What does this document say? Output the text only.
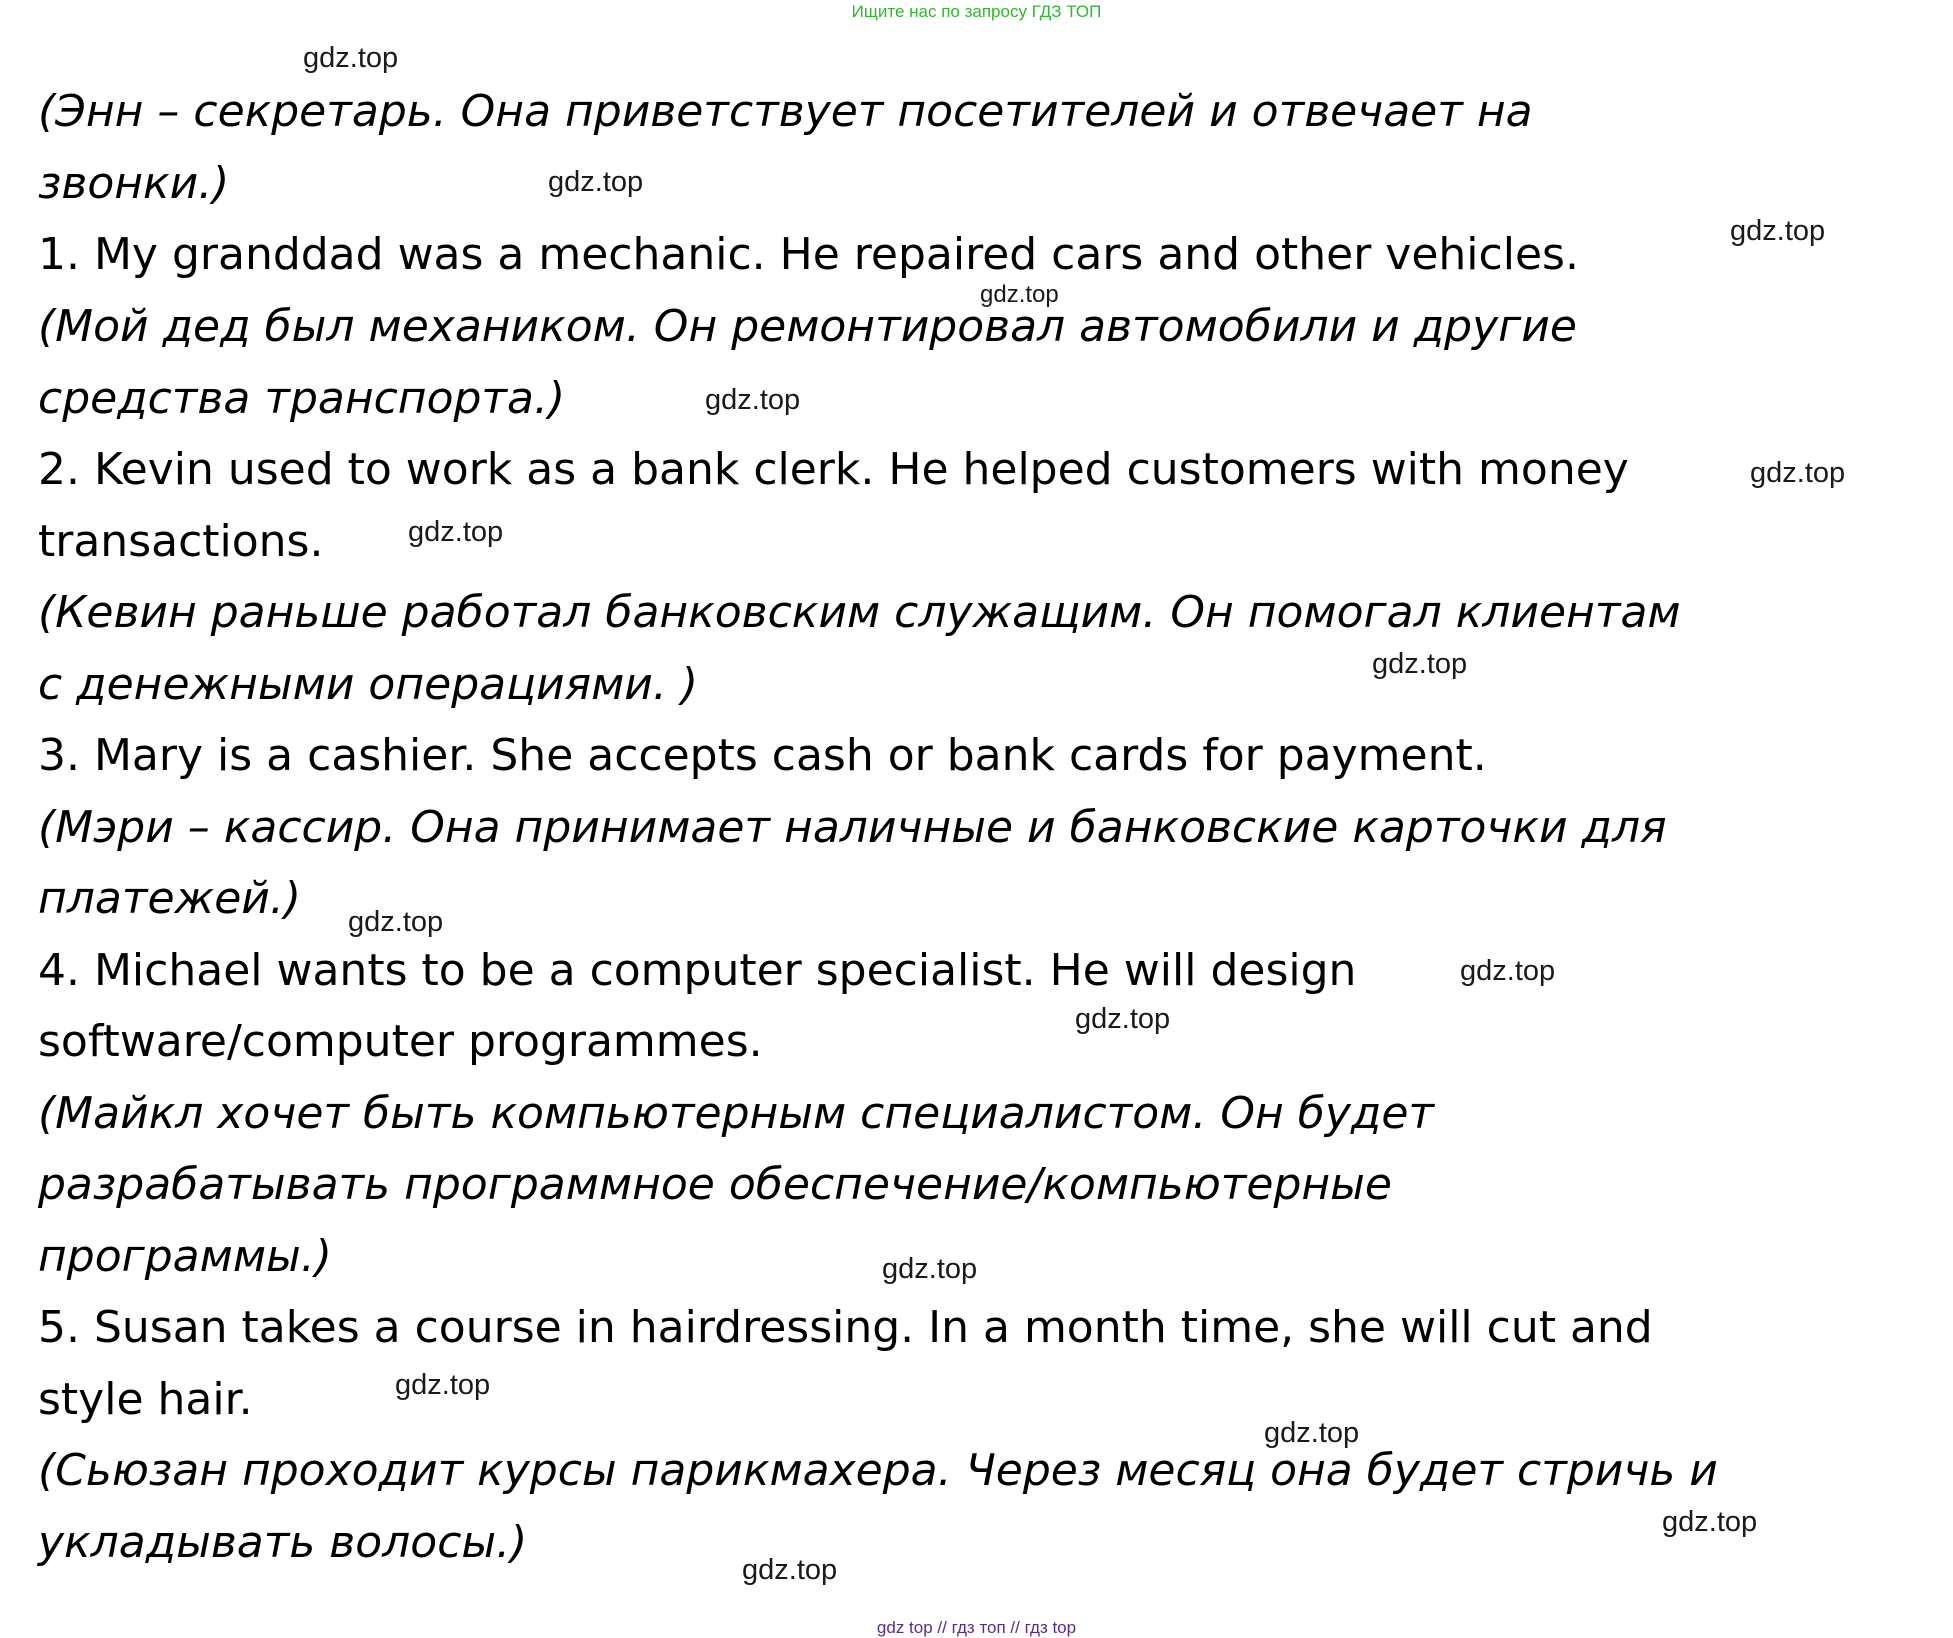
Ищите нас по запросу ГДЗ ТОП
gdz.top
gdz.top
gdz.top
gdz.top
gdz.top
gdz.top
gdz.top
gdz.top
gdz.top
gdz.top
gdz.top
gdz.top
gdz.top
gdz.top
gdz.top
gdz.top
(Энн – секретарь. Она приветствует посетителей и отвечает на
звонки.)
1. My granddad was a mechanic. He repaired cars and other vehicles.
(Мой дед был механиком. Он ремонтировал автомобили и другие
средства транспорта.)
2. Kevin used to work as a bank clerk. He helped customers with money
transactions.
(Кевин раньше работал банковским служащим. Он помогал клиентам
с денежными операциями. )
3. Mary is a cashier. She accepts cash or bank cards for payment.
(Мэри – кассир. Она принимает наличные и банковские карточки для
платежей.)
4. Michael wants to be a computer specialist. He will design
software/computer programmes.
(Майкл хочет быть компьютерным специалистом. Он будет
разрабатывать программное обеспечение/компьютерные
программы.)
5. Susan takes a course in hairdressing. In a month time, she will cut and
style hair.
(Сьюзан проходит курсы парикмахера. Через месяц она будет стричь и
укладывать волосы.)
gdz top // гдз топ // гдз top
